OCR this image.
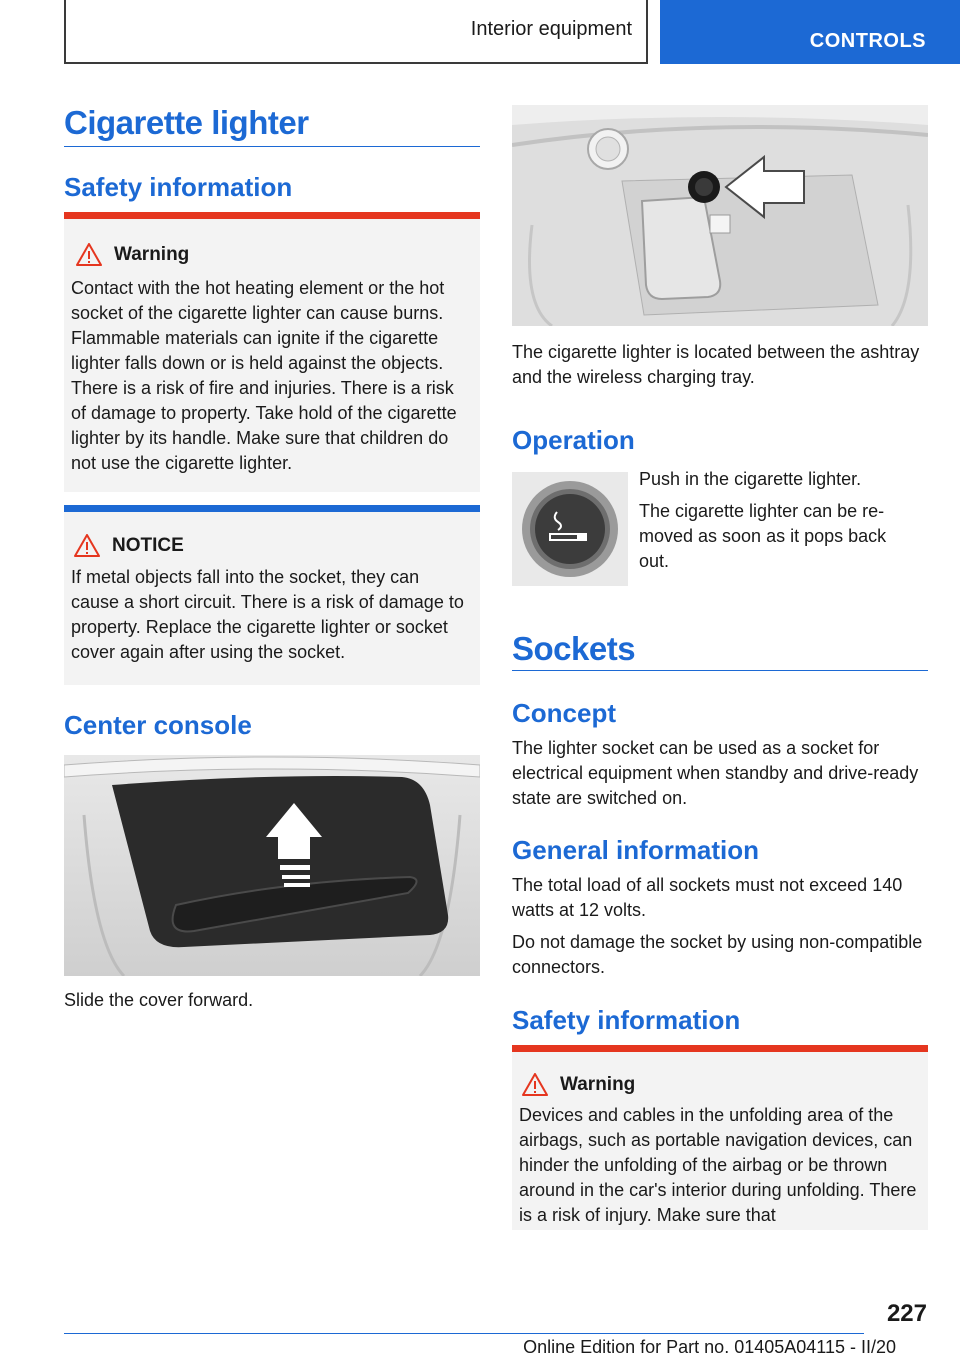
Interior equipment
CONTROLS
Cigarette lighter
Safety information
Warning
Contact with the hot heating element or the hot socket of the cigarette lighter can cause burns. Flammable materials can ignite if the cigarette lighter falls down or is held against the objects. There is a risk of fire and injuries. There is a risk of damage to property. Take hold of the cigarette lighter by its handle. Make sure that children do not use the cigarette lighter.
NOTICE
If metal objects fall into the socket, they can cause a short circuit. There is a risk of damage to property. Replace the cigarette lighter or socket cover again after using the socket.
Center console

Slide the cover forward.

The cigarette lighter is located between the ashtray and the wireless charging tray.

Operation

Push in the cigarette lighter.

The cigarette lighter can be removed as soon as it pops back out.

Sockets
Concept

The lighter socket can be used as a socket for electrical equipment when standby and drive-ready state are switched on.

General information

The total load of all sockets must not exceed 140 watts at 12 volts.

Do not damage the socket by using non-compatible connectors.

Safety information
Warning
Devices and cables in the unfolding area of the airbags, such as portable navigation devices, can hinder the unfolding of the airbag or be thrown around in the car's interior during unfolding. There is a risk of injury. Make sure that
227
Online Edition for Part no. 01405A04115 - II/20
